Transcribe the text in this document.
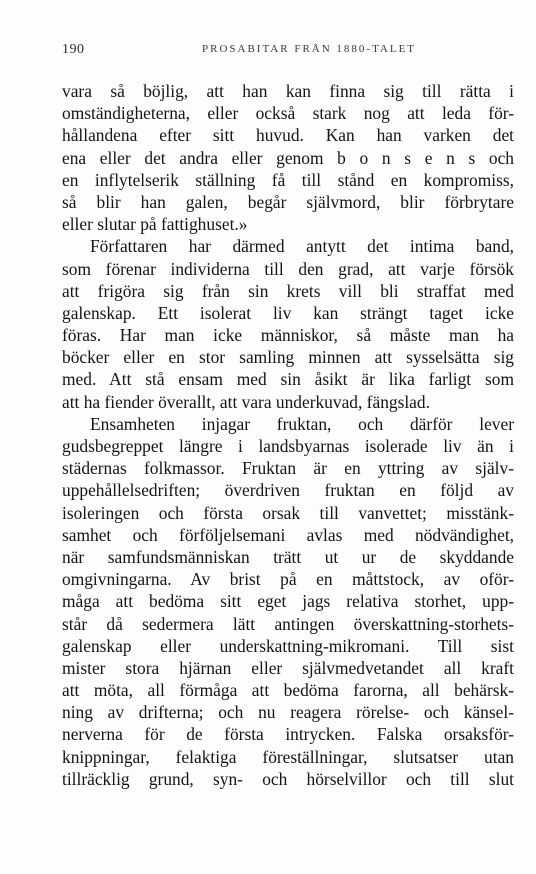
190	PROSABITAR FRÅN 1880-TALET
vara så böjlig, att han kan finna sig till rätta i
omständigheterna, eller också stark nog att leda för-
hållandena efter sitt huvud. Kan han varken det
ena eller det andra eller genom b o n s e n s och
en inflytelserik ställning få till stånd en kompromiss,
så blir han galen, begår självmord, blir förbrytare
eller slutar på fattighuset.»
Författaren har därmed antytt det intima band,
som förenar individerna till den grad, att varje försök
att frigöra sig från sin krets vill bli straffat med
galenskap. Ett isolerat liv kan strängt taget icke
föras. Har man icke människor, så måste man ha
böcker eller en stor samling minnen att sysselsätta sig
med. Att stå ensam med sin åsikt är lika farligt som
att ha fiender överallt, att vara underkuvad, fängslad.
Ensamheten injagar fruktan, och därför lever
gudsbegreppet längre i landsbyarnas isolerade liv än i
städernas folkmassor. Fruktan är en yttring av själv-
uppehållelsedriften; överdriven fruktan en följd av
isoleringen och första orsak till vanvettet; misstänk-
samhet och förföljelsemani avlas med nödvändighet,
när samfundsmänniskan trätt ut ur de skyddande
omgivningarna. Av brist på en måttstock, av oför-
måga att bedöma sitt eget jags relativa storhet, upp-
står då sedermera lätt antingen överskattning-storhets-
galenskap eller underskattning-mikromani. Till sist
mister stora hjärnan eller självmedvetandet all kraft
att möta, all förmåga att bedöma farorna, all behärsk-
ning av drifterna; och nu reagera rörelse- och känsel-
nerverna för de första intrycken. Falska orsaksför-
knippningar, felaktiga föreställningar, slutsatser utan
tillräcklig grund, syn- och hörselvillor och till slut
